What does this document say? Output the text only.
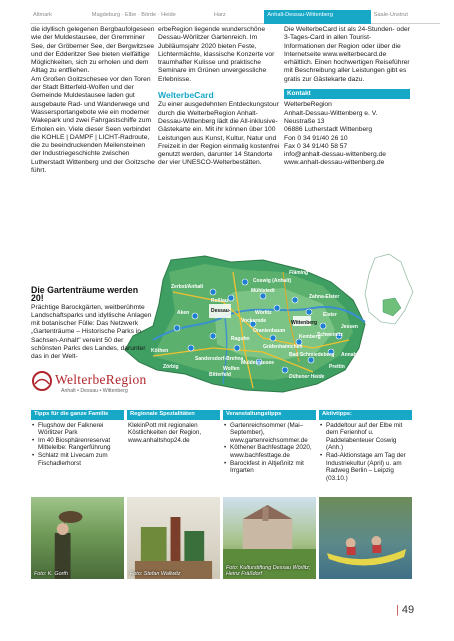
Altmark	Magdeburg · Elbe · Börde · Heide	Harz	Anhalt-Dessau-Wittenberg	Saale-Unstrut

die idyllisch gelegenen Bergbaufolgeseen wie der Muldestausee, der Gremminer See, der Gröberner See, der Bergwitzsee und der Edderitzer See bieten vielfältige Möglichkeiten, sich zu erholen und dem Alltag zu entfliehen.

Am Großen Goitzschesee vor den Toren der Stadt Bitterfeld-Wolfen und der Gemeinde Muldestausee laden gut ausgebaute Rad- und Wanderwege und Wassersportangebote wie ein moderner Wakepark und zwei Fahrgastschiffe zum Erholen ein. Viele dieser Seen verbindet die KOHLE | DAMPF | LICHT-Radroute, die zu beeindruckenden Meilensteinen der Industriegeschichte zwischen Lutherstadt Wittenberg und der Goitzsche führt.

erbeRegion liegende wunderschöne Dessau-Wörlitzer Gartenreich. Im Jubiläumsjahr 2020 bieten Feste, Lichtermächte, klassische Konzerte vor traumhafter Kulisse und praktische Seminare im Grünen unvergessliche Erlebnisse.

WelterbeCard

Zu einer ausgedehnten Entdeckungstour durch die WelterbeRegion Anhalt-Dessau-Wittenberg lädt die All-inklusive-Gästekarte ein. Mit ihr können über 100 Leistungen aus Kunst, Kultur, Natur und Freizeit in der Region einmalig kostenfrei genutzt werden, darunter 14 Standorte der vier UNESCO-Welterbestätten.

Die WelterbeCard ist als 24-Stunden- oder 3-Tages-Card in allen Tourist-Informationen der Region oder über die Internetseite www.welterbecard.de erhältlich. Einen hochwertigen Reiseführer mit Beschreibung aller Leistungen gibt es gratis zur Gästekarte dazu.

Kontakt

WelterbeRegion

Anhalt-Dessau-Wittenberg e. V.

Neustraße 13

06886 Lutherstadt Wittenberg

Fon 0 34 91/40 26 10

Fax 0 34 91/40 58 57

info@anhalt-dessau-wittenberg.de

www.anhalt-dessau-wittenberg.de

Zerbst/Anhalt
Roßlau
Dessau-
Mühlstedt
Coswig (Anhalt)
Jessen
Wittenberg
Wörlitz
Oranienbaum
Zörbig
Aken
Köthen
Bitterfeld
Sandersdorf-Brehna
Gräfenhainichen
Annaburg
Kemberg
Schweinitz
Prettin
Zahna-Elster
Elster
Wolfen
Raguhn
Muldestausee
Bad Schmiedeberg
Dübener Heide
Fläming
Vockerode
Die Gartenträume werden 20!

Prächtige Barockgärten, weitberühmte Landschaftsparks und idyllische Anlagen mit botanischer Fülle: Das Netzwerk „Gartenträume – Historische Parks in Sachsen-Anhalt" vereint 50 der schönsten Parks des Landes, darunter das in der Welt-

WelterbeRegion
Anhalt • Dessau • Wittenberg
Tipps für die ganze Familie
• Flugshow der Falknerei Wörlitzer Park
• Im 40 Biosphärenreservat Mittelelbe: Rangerführung
• Schlatz mit Livecam zum Fischadlerhorst
Regionale Spezialitäten

KlekinPott mit regionalen Köstlichkeiten der Region, www.anhaltshop24.de

Veranstaltungstipps
• Gartenreichsommer (Mai–September), www.gartenreichsommer.de
• Köthener Bachfesttage 2020, www.bachfesttage.de
• Barockfest in Altjeßnitz mit Irrgarten
Aktivtipps:
• Paddeltour auf der Elbe mit dem Ferienhof u. Paddelabenteuer Coswig (Anh.)
• Rad-Aktionstage am Tag der Industriekultur (April) u. am Radweg Berlin – Leipzig (03.10.)
Foto: K. Gorth	Foto: Stefan Wallwitz
Foto: Kulturstiftung Dessau Wörlitz; Heinz Fräßdorf
| 49
